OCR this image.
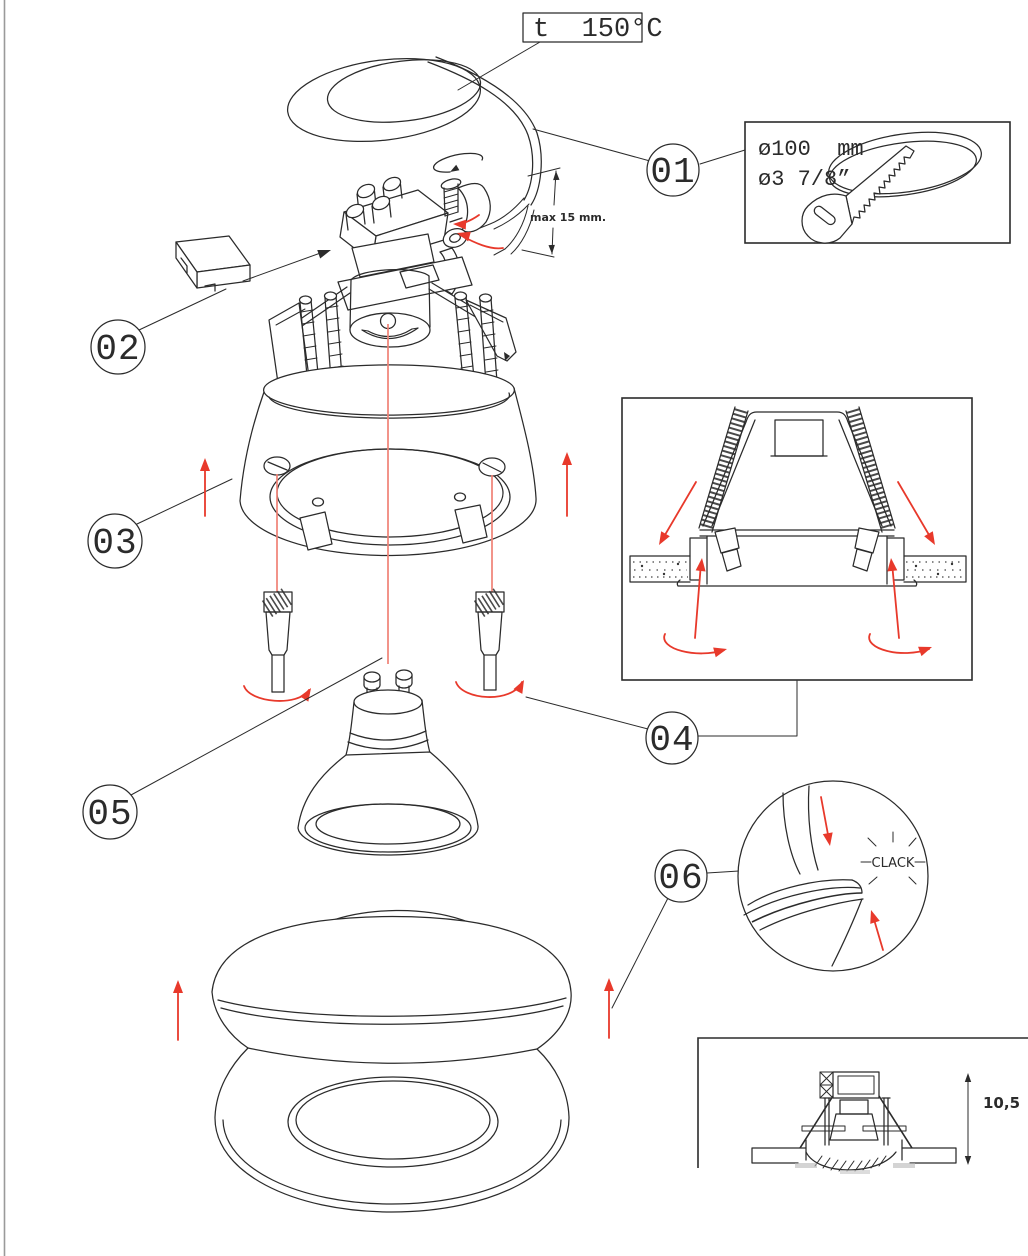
t  150°C
01
ø100  mm
ø3 7/8”
max 15 mm.
02
03
04
05
06	CLACK
10,5
